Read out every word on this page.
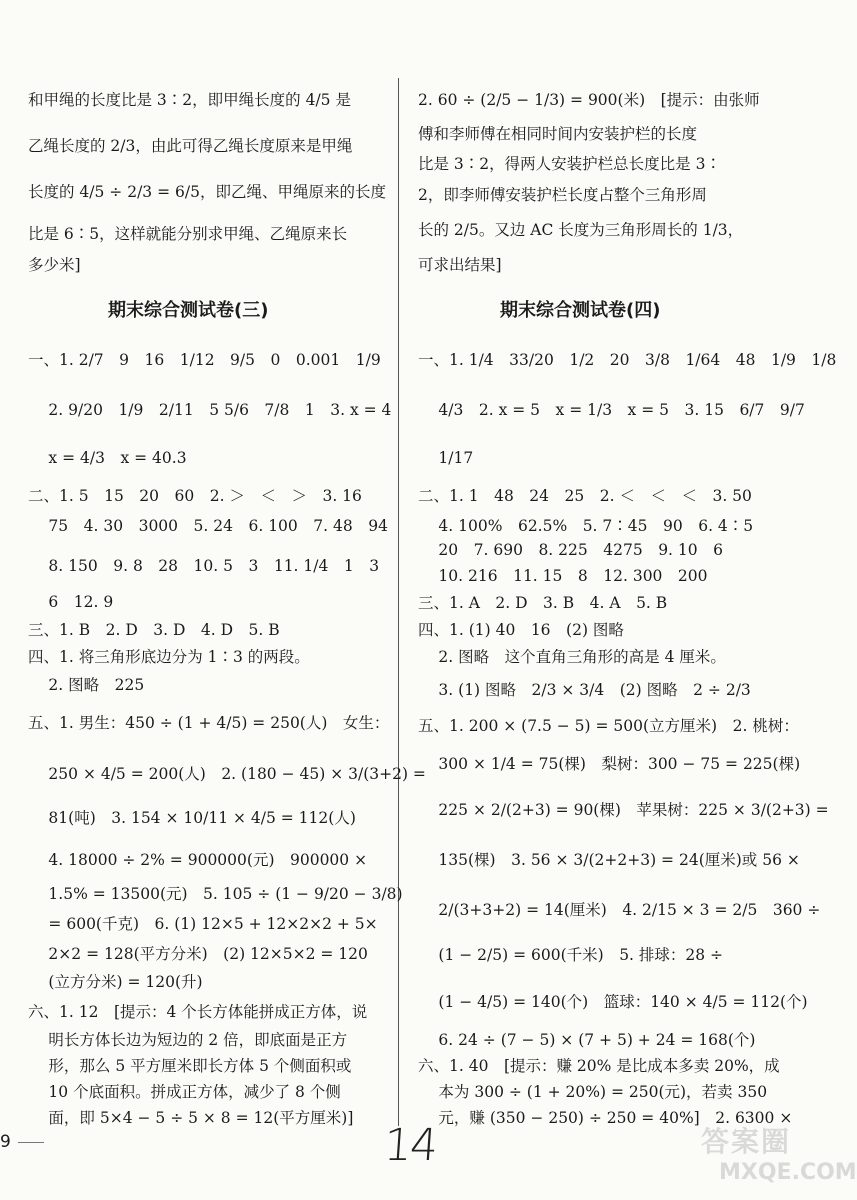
和甲绳的长度比是 3∶2，即甲绳长度的 4/5 是
乙绳长度的 2/3，由此可得乙绳长度原来是甲绳
长度的 4/5 ÷ 2/3 = 6/5，即乙绳、甲绳原来的长度
比是 6∶5，这样就能分别求甲绳、乙绳原来长
多少米]
期末综合测试卷(三)
一、1. 2/7　9　16　1/12　9/5　0　0.001　1/9
　 2. 9/20　1/9　2/11　5 5/6　7/8　1　3. x = 4
　 x = 4/3　x = 40.3
二、1. 5　15　20　60　2. ＞　＜　＞　3. 16
　 75　4. 30　3000　5. 24　6. 100　7. 48　94
　 8. 150　9. 8　28　10. 5　3　11. 1/4　1　3
　 6　12. 9
三、1. B　2. D　3. D　4. D　5. B
四、1. 将三角形底边分为 1∶3 的两段。
　 2. 图略　225
五、1. 男生：450 ÷ (1 + 4/5) = 250(人)　女生：
　 250 × 4/5 = 200(人)　2. (180 − 45) × 3/(3+2) =
　 81(吨)　3. 154 × 10/11 × 4/5 = 112(人)
　 4. 18000 ÷ 2% = 900000(元)　900000 ×
　 1.5% = 13500(元)　5. 105 ÷ (1 − 9/20 − 3/8)
　 = 600(千克)　6. (1) 12×5 + 12×2×2 + 5×
　 2×2 = 128(平方分米)　(2) 12×5×2 = 120
　 (立方分米) = 120(升)
六、1. 12　[提示：4 个长方体能拼成正方体，说
　 明长方体长边为短边的 2 倍，即底面是正方
　 形，那么 5 平方厘米即长方体 5 个侧面积或
　 10 个底面积。拼成正方体，减少了 8 个侧
　 面，即 5×4 − 5 ÷ 5 × 8 = 12(平方厘米)]
2. 60 ÷ (2/5 − 1/3) = 900(米)　[提示：由张师
傅和李师傅在相同时间内安装护栏的长度
比是 3∶2，得两人安装护栏总长度比是 3∶
2，即李师傅安装护栏长度占整个三角形周
长的 2/5。又边 AC 长度为三角形周长的 1/3，
可求出结果]
期末综合测试卷(四)
一、1. 1/4　33/20　1/2　20　3/8　1/64　48　1/9　1/8
　 4/3　2. x = 5　x = 1/3　x = 5　3. 15　6/7　9/7
　 1/17
二、1. 1　48　24　25　2. ＜　＜　＜　3. 50
　 4. 100%　62.5%　5. 7∶45　90　6. 4∶5
　 20　7. 690　8. 225　4275　9. 10　6
　 10. 216　11. 15　8　12. 300　200
三、1. A　2. D　3. B　4. A　5. B
四、1. (1) 40　16　(2) 图略
　 2. 图略　这个直角三角形的高是 4 厘米。
　 3. (1) 图略　2/3 × 3/4　(2) 图略　2 ÷ 2/3
五、1. 200 × (7.5 − 5) = 500(立方厘米)　2. 桃树：
　 300 × 1/4 = 75(棵)　梨树：300 − 75 = 225(棵)
　 225 × 2/(2+3) = 90(棵)　苹果树：225 × 3/(2+3) =
　 135(棵)　3. 56 × 3/(2+2+3) = 24(厘米)或 56 ×
　 2/(3+3+2) = 14(厘米)　4. 2/15 × 3 = 2/5　360 ÷
　 (1 − 2/5) = 600(千米)　5. 排球：28 ÷
　 (1 − 4/5) = 140(个)　篮球：140 × 4/5 = 112(个)
　 6. 24 ÷ (7 − 5) × (7 + 5) + 24 = 168(个)
六、1. 40　[提示：赚 20% 是比成本多卖 20%，成
　 本为 300 ÷ (1 + 20%) = 250(元)，若卖 350
　 元，赚 (350 − 250) ÷ 250 = 40%]　2. 6300 ×
9	14	答案圈
MXQE.COM
